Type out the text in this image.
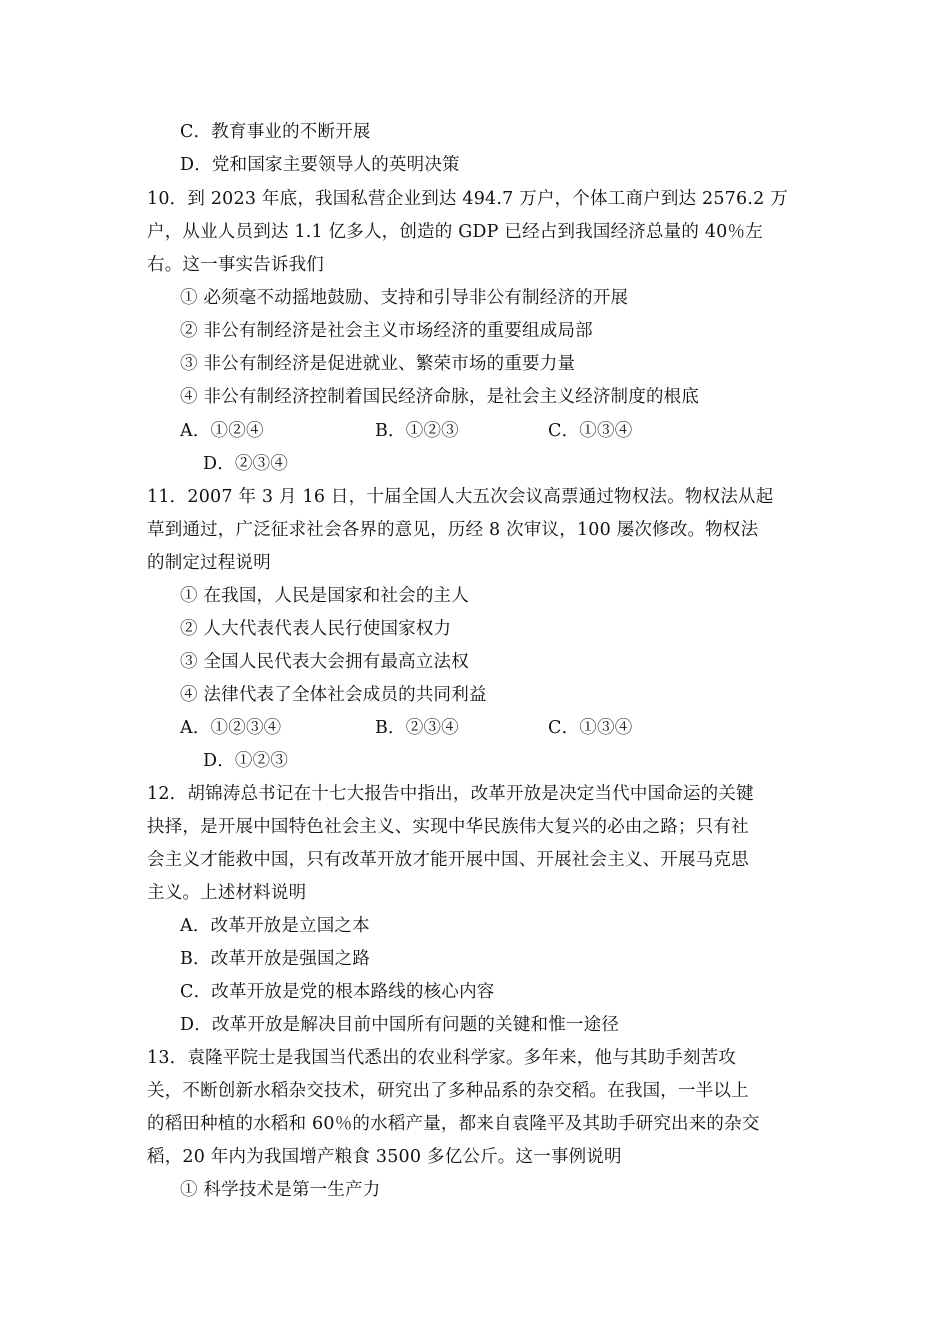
C．教育事业的不断开展
D．党和国家主要领导人的英明决策
10．到 2023 年底，我国私营企业到达 494.7 万户，个体工商户到达 2576.2 万
户，从业人员到达 1.1 亿多人，创造的 GDP 已经占到我国经济总量的 40％左
右。这一事实告诉我们
① 必须毫不动摇地鼓励、支持和引导非公有制经济的开展
② 非公有制经济是社会主义市场经济的重要组成局部
③ 非公有制经济是促进就业、繁荣市场的重要力量
④ 非公有制经济控制着国民经济命脉，是社会主义经济制度的根底
A．①②④	B．①②③	C．①③④
D．②③④
11．2007 年 3 月 16 日，十届全国人大五次会议高票通过物权法。物权法从起
草到通过，广泛征求社会各界的意见，历经 8 次审议，100 屡次修改。物权法
的制定过程说明
① 在我国，人民是国家和社会的主人
② 人大代表代表人民行使国家权力
③ 全国人民代表大会拥有最高立法权
④ 法律代表了全体社会成员的共同利益
A．①②③④	B．②③④	C．①③④
D．①②③
12．胡锦涛总书记在十七大报告中指出，改革开放是决定当代中国命运的关键
抉择，是开展中国特色社会主义、实现中华民族伟大复兴的必由之路；只有社
会主义才能救中国，只有改革开放才能开展中国、开展社会主义、开展马克思
主义。上述材料说明
A．改革开放是立国之本
B．改革开放是强国之路
C．改革开放是党的根本路线的核心内容
D．改革开放是解决目前中国所有问题的关键和惟一途径
13．袁隆平院士是我国当代悉出的农业科学家。多年来，他与其助手刻苦攻
关，不断创新水稻杂交技术，研究出了多种品系的杂交稻。在我国，一半以上
的稻田种植的水稻和 60％的水稻产量，都来自袁隆平及其助手研究出来的杂交
稻，20 年内为我国增产粮食 3500 多亿公斤。这一事例说明
① 科学技术是第一生产力
